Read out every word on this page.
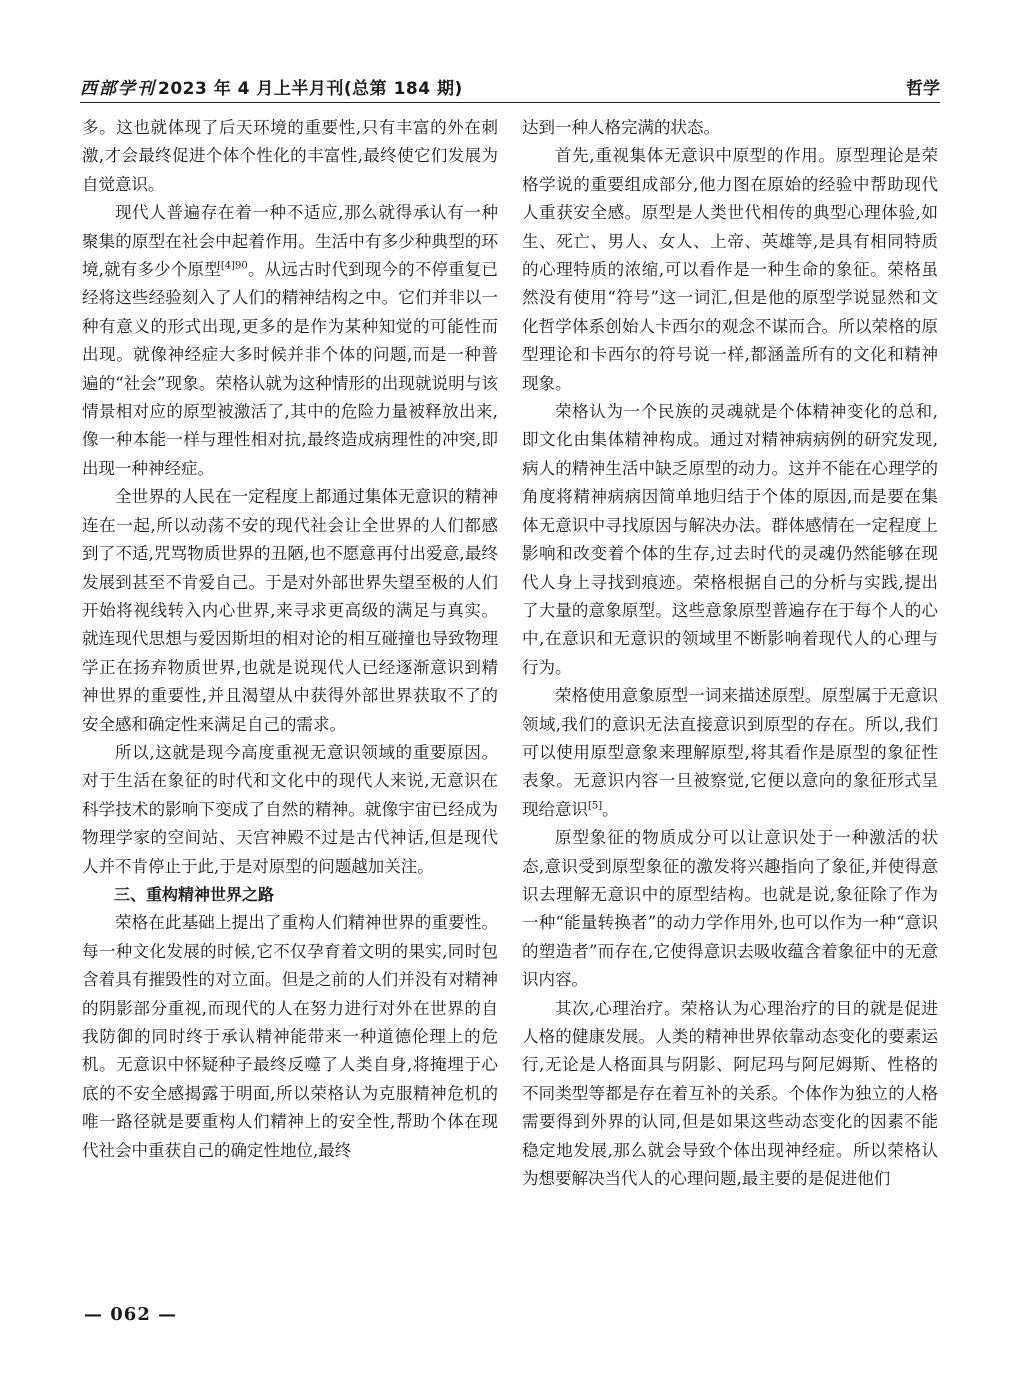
西部学刊 2023 年 4 月上半月刊(总第 184 期)	哲学

多。这也就体现了后天环境的重要性,只有丰富的外在刺激,才会最终促进个体个性化的丰富性,最终使它们发展为自觉意识。

现代人普遍存在着一种不适应,那么就得承认有一种聚集的原型在社会中起着作用。生活中有多少种典型的环境,就有多少个原型$^{[4]90}$。从远古时代到现今的不停重复已经将这些经验刻入了人们的精神结构之中。它们并非以一种有意义的形式出现,更多的是作为某种知觉的可能性而出现。就像神经症大多时候并非个体的问题,而是一种普遍的“社会”现象。荣格认就为这种情形的出现就说明与该情景相对应的原型被激活了,其中的危险力量被释放出来,像一种本能一样与理性相对抗,最终造成病理性的冲突,即出现一种神经症。

全世界的人民在一定程度上都通过集体无意识的精神连在一起,所以动荡不安的现代社会让全世界的人们都感到了不适,咒骂物质世界的丑陋,也不愿意再付出爱意,最终发展到甚至不肯爱自己。于是对外部世界失望至极的人们开始将视线转入内心世界,来寻求更高级的满足与真实。就连现代思想与爱因斯坦的相对论的相互碰撞也导致物理学正在扬弃物质世界,也就是说现代人已经逐渐意识到精神世界的重要性,并且渴望从中获得外部世界获取不了的安全感和确定性来满足自己的需求。

所以,这就是现今高度重视无意识领域的重要原因。对于生活在象征的时代和文化中的现代人来说,无意识在科学技术的影响下变成了自然的精神。就像宇宙已经成为物理学家的空间站、天宫神殿不过是古代神话,但是现代人并不肯停止于此,于是对原型的问题越加关注。

三、重构精神世界之路

荣格在此基础上提出了重构人们精神世界的重要性。每一种文化发展的时候,它不仅孕育着文明的果实,同时包含着具有摧毁性的对立面。但是之前的人们并没有对精神的阴影部分重视,而现代的人在努力进行对外在世界的自我防御的同时终于承认精神能带来一种道德伦理上的危机。无意识中怀疑种子最终反噬了人类自身,将掩埋于心底的不安全感揭露于明面,所以荣格认为克服精神危机的唯一路径就是要重构人们精神上的安全性,帮助个体在现代社会中重获自己的确定性地位,最终

达到一种人格完满的状态。

首先,重视集体无意识中原型的作用。原型理论是荣格学说的重要组成部分,他力图在原始的经验中帮助现代人重获安全感。原型是人类世代相传的典型心理体验,如生、死亡、男人、女人、上帝、英雄等,是具有相同特质的心理特质的浓缩,可以看作是一种生命的象征。荣格虽然没有使用“符号”这一词汇,但是他的原型学说显然和文化哲学体系创始人卡西尔的观念不谋而合。所以荣格的原型理论和卡西尔的符号说一样,都涵盖所有的文化和精神现象。

荣格认为一个民族的灵魂就是个体精神变化的总和,即文化由集体精神构成。通过对精神病病例的研究发现,病人的精神生活中缺乏原型的动力。这并不能在心理学的角度将精神病病因简单地归结于个体的原因,而是要在集体无意识中寻找原因与解决办法。群体感情在一定程度上影响和改变着个体的生存,过去时代的灵魂仍然能够在现代人身上寻找到痕迹。荣格根据自己的分析与实践,提出了大量的意象原型。这些意象原型普遍存在于每个人的心中,在意识和无意识的领域里不断影响着现代人的心理与行为。

荣格使用意象原型一词来描述原型。原型属于无意识领域,我们的意识无法直接意识到原型的存在。所以,我们可以使用原型意象来理解原型,将其看作是原型的象征性表象。无意识内容一旦被察觉,它便以意向的象征形式呈现给意识[5]。

原型象征的物质成分可以让意识处于一种激活的状态,意识受到原型象征的激发将兴趣指向了象征,并使得意识去理解无意识中的原型结构。也就是说,象征除了作为一种“能量转换者”的动力学作用外,也可以作为一种“意识的塑造者”而存在,它使得意识去吸收蕴含着象征中的无意识内容。

其次,心理治疗。荣格认为心理治疗的目的就是促进人格的健康发展。人类的精神世界依靠动态变化的要素运行,无论是人格面具与阴影、阿尼玛与阿尼姆斯、性格的不同类型等都是存在着互补的关系。个体作为独立的人格需要得到外界的认同,但是如果这些动态变化的因素不能稳定地发展,那么就会导致个体出现神经症。所以荣格认为想要解决当代人的心理问题,最主要的是促进他们

— 062 —
